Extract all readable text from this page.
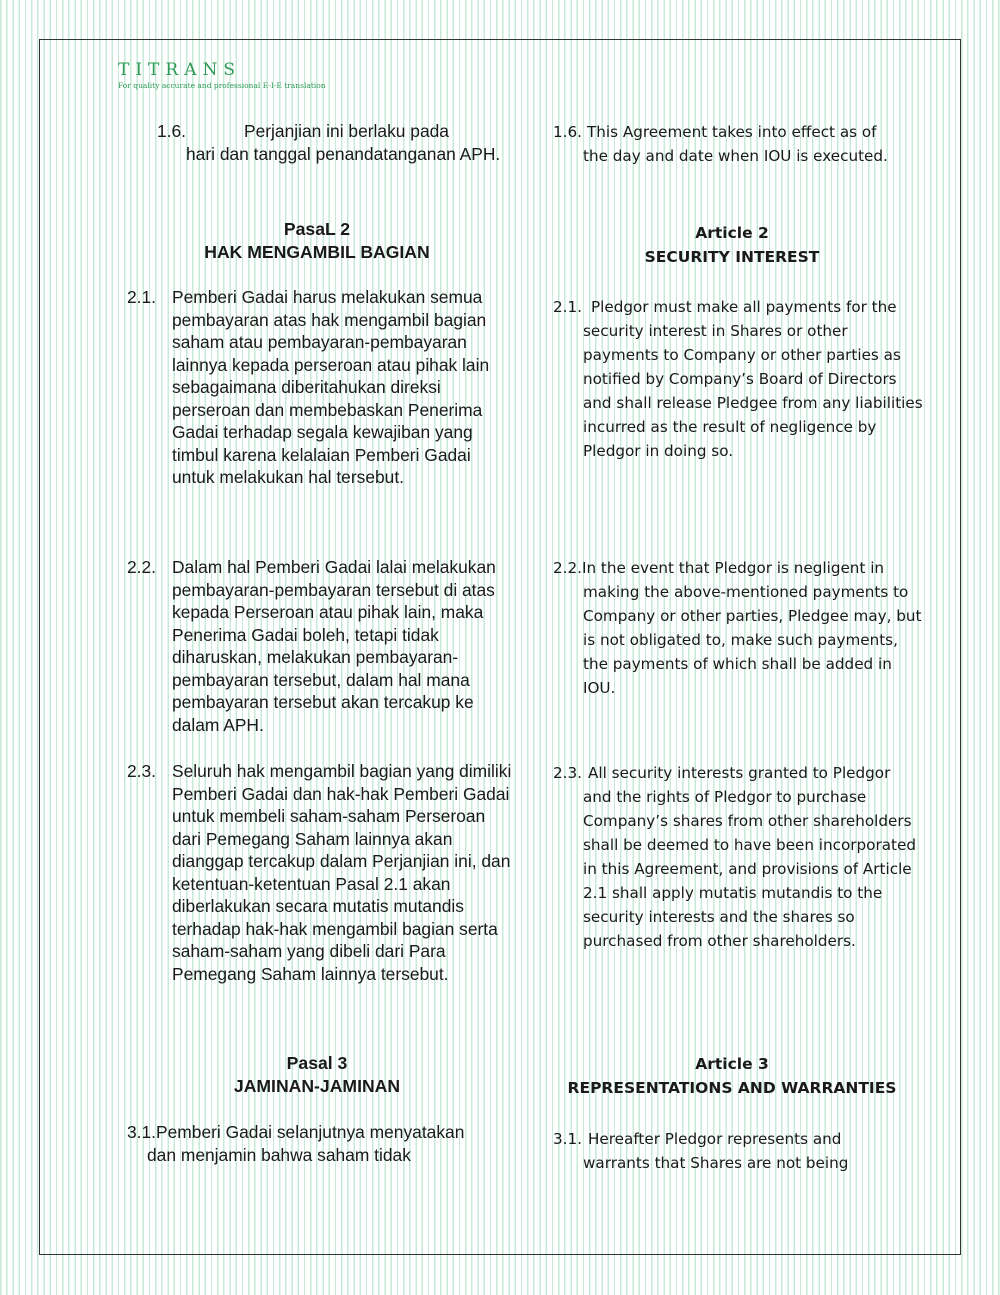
TITRANS
For quality accurate and professional E-I-E translation
1.6.	Perjanjian ini berlaku pada
hari dan tanggal penandatanganan APH.
PasaL 2
HAK MENGAMBIL BAGIAN
2.1. Pemberi Gadai harus melakukan semua pembayaran atas hak mengambil bagian saham atau pembayaran-pembayaran lainnya kepada perseroan atau pihak lain sebagaimana diberitahukan direksi perseroan dan membebaskan Penerima Gadai terhadap segala kewajiban yang timbul karena kelalaian Pemberi Gadai untuk melakukan hal tersebut.
2.2. Dalam hal Pemberi Gadai lalai melakukan pembayaran-pembayaran tersebut di atas kepada Perseroan atau pihak lain, maka Penerima Gadai boleh, tetapi tidak diharuskan, melakukan pembayaran-pembayaran tersebut, dalam hal mana pembayaran tersebut akan tercakup ke dalam APH.
2.3. Seluruh hak mengambil bagian yang dimiliki Pemberi Gadai dan hak-hak Pemberi Gadai untuk membeli saham-saham Perseroan dari Pemegang Saham lainnya akan dianggap tercakup dalam Perjanjian ini, dan ketentuan-ketentuan Pasal 2.1 akan diberlakukan secara mutatis mutandis terhadap hak-hak mengambil bagian serta saham-saham yang dibeli dari Para Pemegang Saham lainnya tersebut.
Pasal 3
JAMINAN-JAMINAN
3.1.Pemberi Gadai selanjutnya menyatakan
dan menjamin bahwa saham tidak
1.6. This Agreement takes into effect as of
the day and date when IOU is executed.
Article 2
SECURITY INTEREST
2.1. Pledgor must make all payments for the
security interest in Shares or other payments to Company or other parties as notified by Company’s Board of Directors and shall release Pledgee from any liabilities incurred as the result of negligence by Pledgor in doing so.
2.2. In the event that Pledgor is negligent in
making the above-mentioned payments to Company or other parties, Pledgee may, but is not obligated to, make such payments, the payments of which shall be added in IOU.
2.3. All security interests granted to Pledgor
and the rights of Pledgor to purchase Company’s shares from other shareholders shall be deemed to have been incorporated in this Agreement, and provisions of Article 2.1 shall apply mutatis mutandis to the security interests and the shares so purchased from other shareholders.
Article 3
REPRESENTATIONS AND WARRANTIES
3.1. Hereafter Pledgor represents and
warrants that Shares are not being
